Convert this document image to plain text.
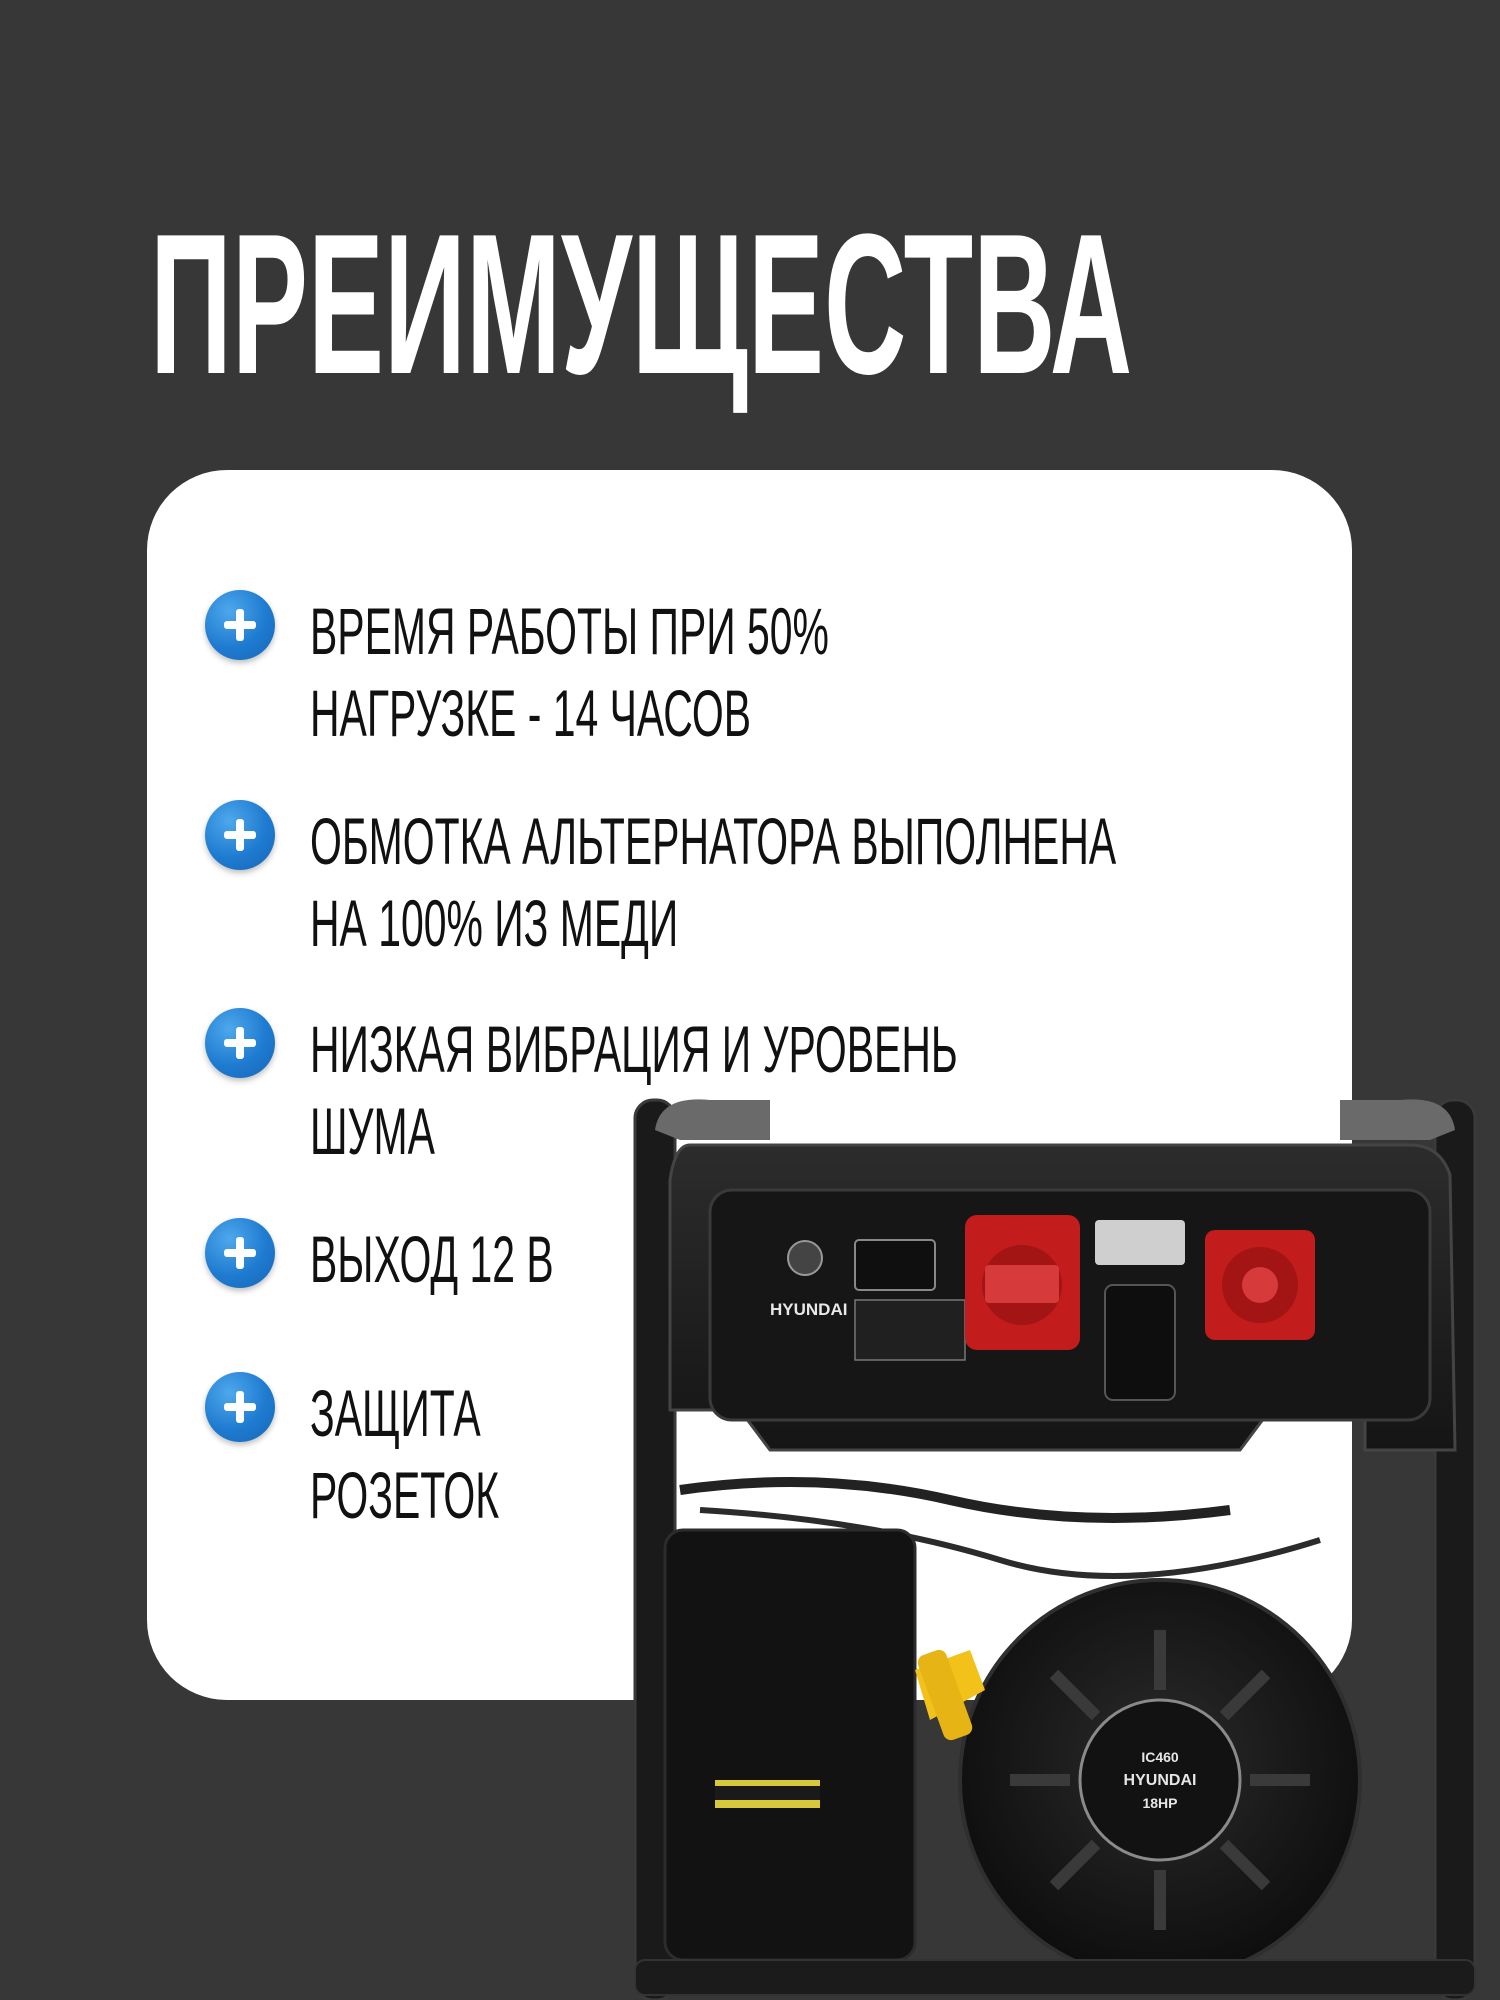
ПРЕИМУЩЕСТВА

ВРЕМЯ РАБОТЫ ПРИ 50%
НАГРУЗКЕ - 14 ЧАСОВ

ОБМОТКА АЛЬТЕРНАТОРА ВЫПОЛНЕНА
НА 100% ИЗ МЕДИ

НИЗКАЯ ВИБРАЦИЯ И УРОВЕНЬ
ШУМА

ВЫХОД 12 В

ЗАЩИТА
РОЗЕТОК

HYUNDAI
IC460
HYUNDAI
18HP
